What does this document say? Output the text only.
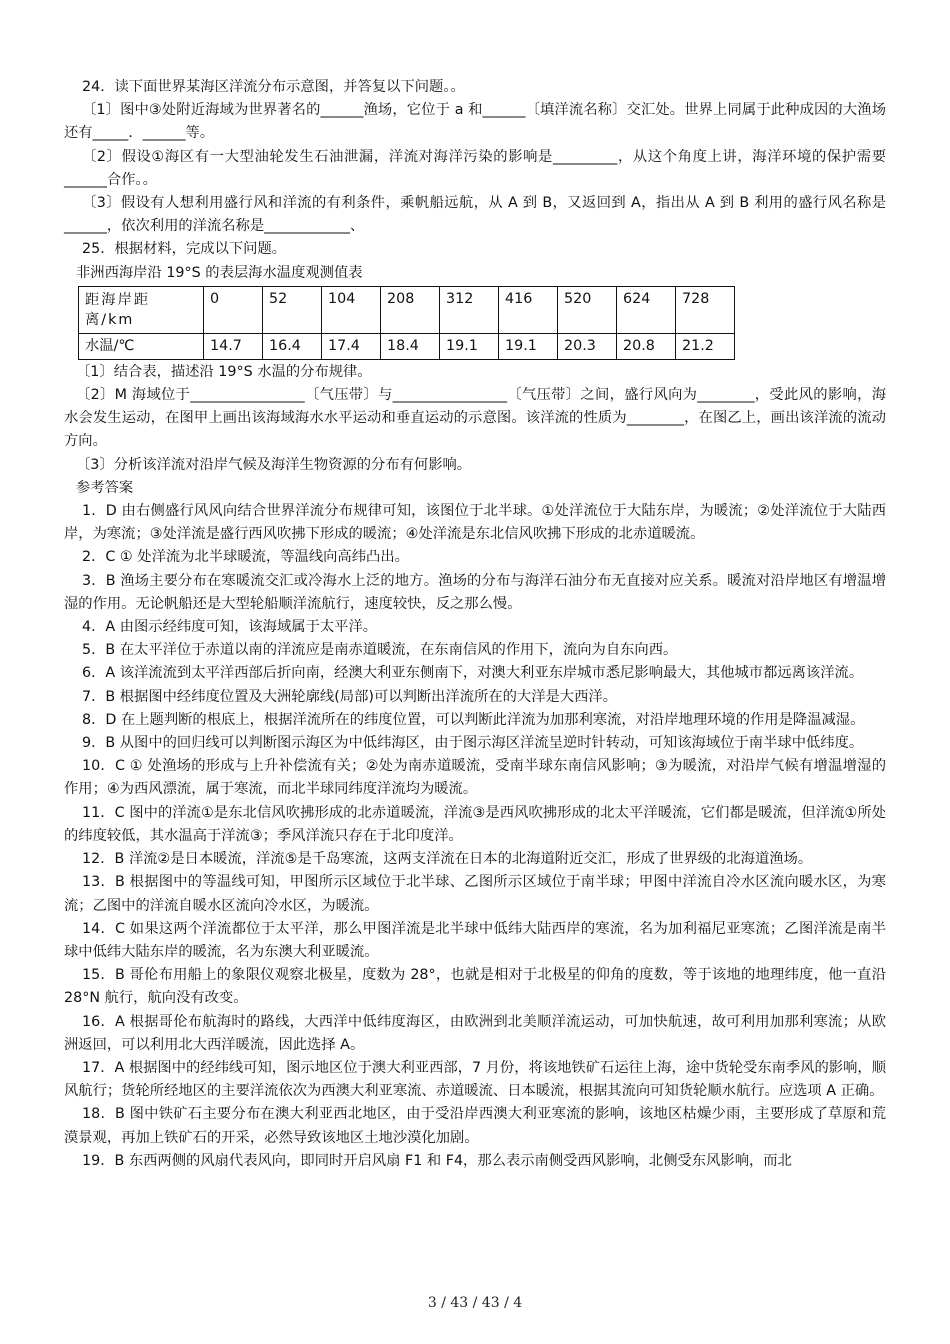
24．读下面世界某海区洋流分布示意图，并答复以下问题。。

〔1〕图中③处附近海域为世界著名的______渔场，它位于 a 和______〔填洋流名称〕交汇处。世界上同属于此种成因的大渔场还有_____．______等。

〔2〕假设①海区有一大型油轮发生石油泄漏，洋流对海洋污染的影响是_________，从这个角度上讲，海洋环境的保护需要______合作。。

〔3〕假设有人想利用盛行风和洋流的有利条件，乘帆船远航，从 A 到 B，又返回到 A，指出从 A 到 B 利用的盛行风名称是______，依次利用的洋流名称是____________、

25．根据材料，完成以下问题。

非洲西海岸沿 19°S 的表层海水温度观测值表

距海岸距离/km	0	52	104	208	312	416	520	624	728
水温/℃	14.7	16.4	17.4	18.4	19.1	19.1	20.3	20.8	21.2

〔1〕结合表，描述沿 19°S 水温的分布规律。

〔2〕M 海域位于________________〔气压带〕与________________〔气压带〕之间，盛行风向为________，受此风的影响，海水会发生运动，在图甲上画出该海域海水水平运动和垂直运动的示意图。该洋流的性质为________，在图乙上，画出该洋流的流动方向。

〔3〕分析该洋流对沿岸气候及海洋生物资源的分布有何影响。

参考答案

1．D 由右侧盛行风风向结合世界洋流分布规律可知，该图位于北半球。①处洋流位于大陆东岸，为暖流；②处洋流位于大陆西岸，为寒流；③处洋流是盛行西风吹拂下形成的暖流；④处洋流是东北信风吹拂下形成的北赤道暖流。

2．C ① 处洋流为北半球暖流，等温线向高纬凸出。

3．B 渔场主要分布在寒暖流交汇或冷海水上泛的地方。渔场的分布与海洋石油分布无直接对应关系。暖流对沿岸地区有增温增湿的作用。无论帆船还是大型轮船顺洋流航行，速度较快，反之那么慢。

4．A 由图示经纬度可知，该海域属于太平洋。

5．B 在太平洋位于赤道以南的洋流应是南赤道暖流，在东南信风的作用下，流向为自东向西。

6．A 该洋流流到太平洋西部后折向南，经澳大利亚东侧南下，对澳大利亚东岸城市悉尼影响最大，其他城市都远离该洋流。

7．B 根据图中经纬度位置及大洲轮廓线(局部)可以判断出洋流所在的大洋是大西洋。

8．D 在上题判断的根底上，根据洋流所在的纬度位置，可以判断此洋流为加那利寒流，对沿岸地理环境的作用是降温减湿。

9．B 从图中的回归线可以判断图示海区为中低纬海区，由于图示海区洋流呈逆时针转动，可知该海域位于南半球中低纬度。

10．C ① 处渔场的形成与上升补偿流有关；②处为南赤道暖流，受南半球东南信风影响；③为暖流，对沿岸气候有增温增湿的作用；④为西风漂流，属于寒流，而北半球同纬度洋流均为暖流。

11．C 图中的洋流①是东北信风吹拂形成的北赤道暖流，洋流③是西风吹拂形成的北太平洋暖流，它们都是暖流，但洋流①所处的纬度较低，其水温高于洋流③；季风洋流只存在于北印度洋。

12．B 洋流②是日本暖流，洋流⑤是千岛寒流，这两支洋流在日本的北海道附近交汇，形成了世界级的北海道渔场。

13．B 根据图中的等温线可知，甲图所示区域位于北半球、乙图所示区域位于南半球；甲图中洋流自冷水区流向暖水区，为寒流；乙图中的洋流自暖水区流向冷水区，为暖流。

14．C 如果这两个洋流都位于太平洋，那么甲图洋流是北半球中低纬大陆西岸的寒流，名为加利福尼亚寒流；乙图洋流是南半球中低纬大陆东岸的暖流，名为东澳大利亚暖流。

15．B 哥伦布用船上的象限仪观察北极星，度数为 28°，也就是相对于北极星的仰角的度数，等于该地的地理纬度，他一直沿 28°N 航行，航向没有改变。

16．A 根据哥伦布航海时的路线，大西洋中低纬度海区，由欧洲到北美顺洋流运动，可加快航速，故可利用加那利寒流；从欧洲返回，可以利用北大西洋暖流，因此选择 A。

17．A 根据图中的经纬线可知，图示地区位于澳大利亚西部，7 月份，将该地铁矿石运往上海，途中货轮受东南季风的影响，顺风航行；货轮所经地区的主要洋流依次为西澳大利亚寒流、赤道暖流、日本暖流，根据其流向可知货轮顺水航行。应选项 A 正确。

18．B 图中铁矿石主要分布在澳大利亚西北地区，由于受沿岸西澳大利亚寒流的影响，该地区枯燥少雨，主要形成了草原和荒漠景观，再加上铁矿石的开采，必然导致该地区土地沙漠化加剧。

19．B 东西两侧的风扇代表风向，即同时开启风扇 F1 和 F4，那么表示南侧受西风影响，北侧受东风影响，而北

3 / 43 / 43 / 4
